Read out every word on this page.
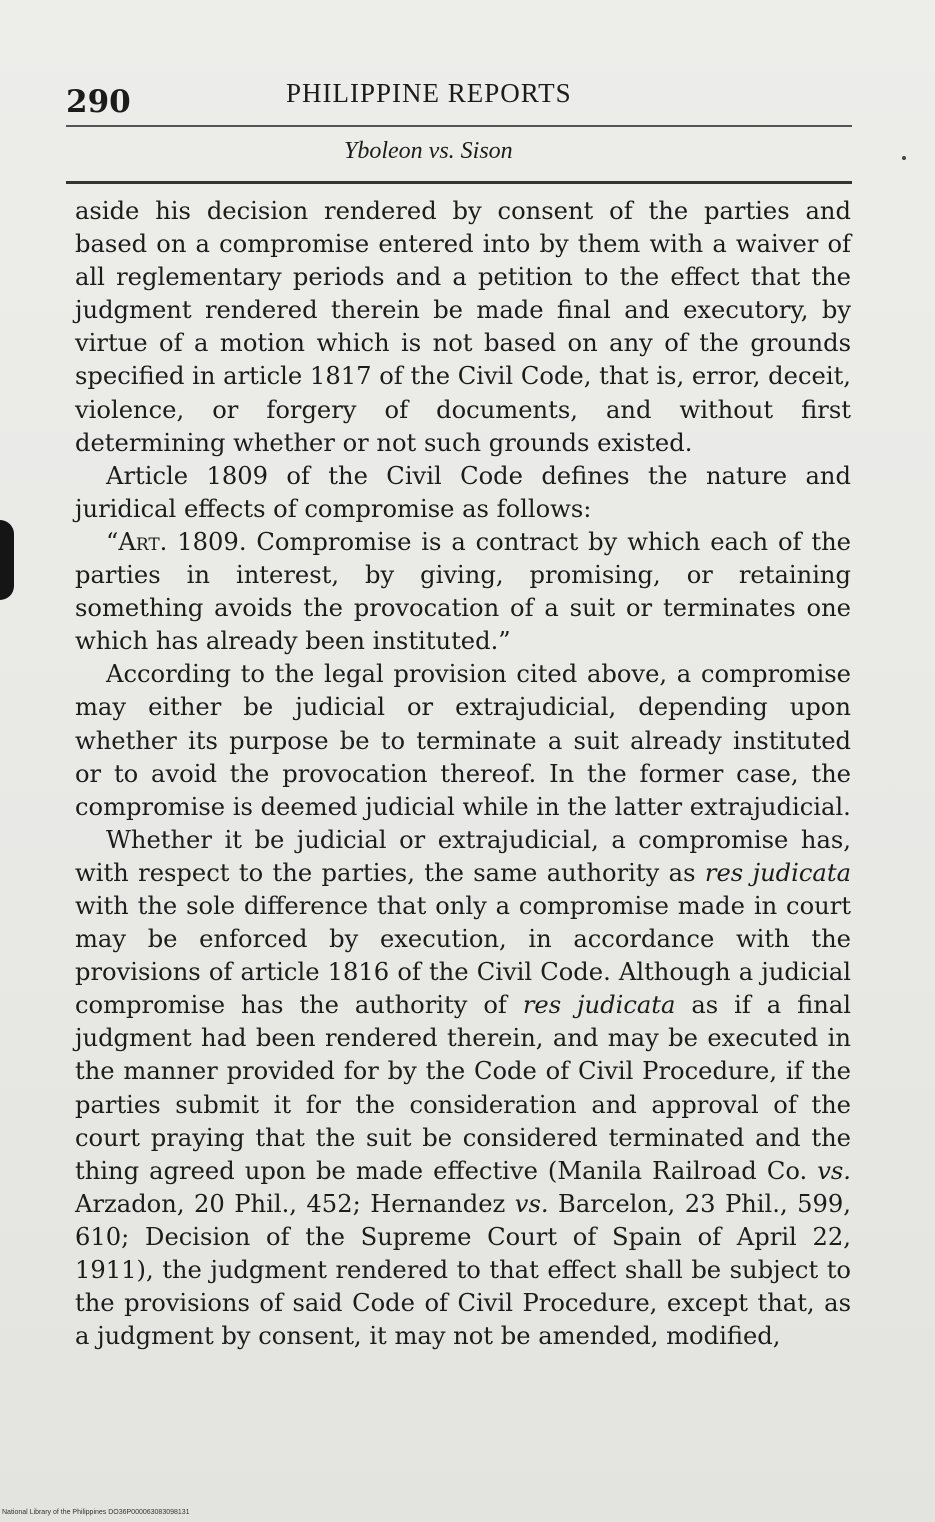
290	PHILIPPINE REPORTS
Yboleon vs. Sison

aside his decision rendered by consent of the parties and based on a compromise entered into by them with a waiver of all reglementary periods and a petition to the effect that the judgment rendered therein be made final and executory, by virtue of a motion which is not based on any of the grounds specified in article 1817 of the Civil Code, that is, error, deceit, violence, or forgery of documents, and without first determining whether or not such grounds existed.

Article 1809 of the Civil Code defines the nature and juridical effects of compromise as follows:

“Art. 1809. Compromise is a contract by which each of the parties in interest, by giving, promising, or retaining something avoids the provocation of a suit or terminates one which has already been instituted.”

According to the legal provision cited above, a compromise may either be judicial or extrajudicial, depending upon whether its purpose be to terminate a suit already instituted or to avoid the provocation thereof. In the former case, the compromise is deemed judicial while in the latter extrajudicial.

Whether it be judicial or extrajudicial, a compromise has, with respect to the parties, the same authority as res judicata with the sole difference that only a compromise made in court may be enforced by execution, in accordance with the provisions of article 1816 of the Civil Code. Although a judicial compromise has the authority of res judicata as if a final judgment had been rendered therein, and may be executed in the manner provided for by the Code of Civil Procedure, if the parties submit it for the consideration and approval of the court praying that the suit be considered terminated and the thing agreed upon be made effective (Manila Railroad Co. vs. Arzadon, 20 Phil., 452; Hernandez vs. Barcelon, 23 Phil., 599, 610; Decision of the Supreme Court of Spain of April 22, 1911), the judgment rendered to that effect shall be subject to the provisions of said Code of Civil Procedure, except that, as a judgment by consent, it may not be amended, modified,

National Library of the Philippines DO36P000063083098131
